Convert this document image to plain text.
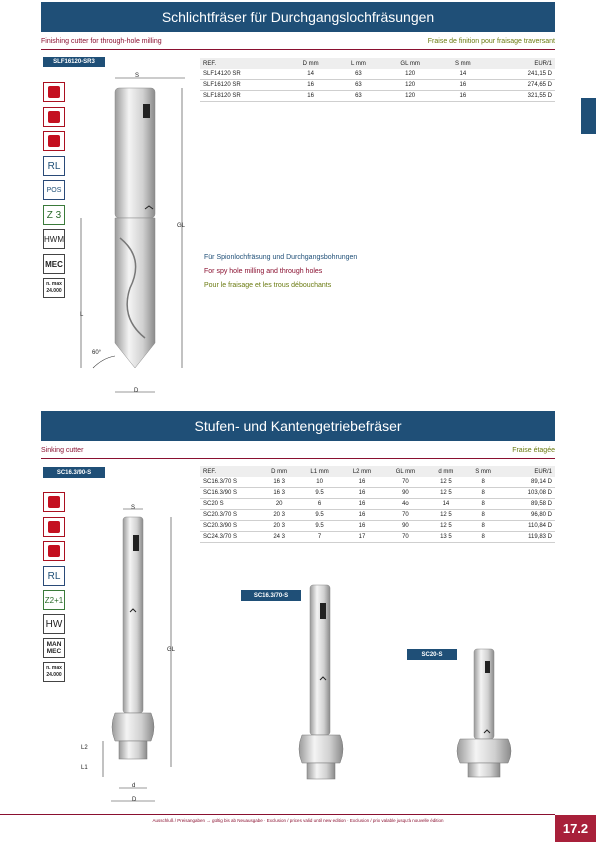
Schlichtfräser für Durchgangslochfräsungen
Finishing cutter for through-hole milling	Fraise de finition pour fraisage traversant
SLF16120-SR3
RL
POS
Z 3
HWM
MEC
n. max
24.000
S
GL
L
60°
D
REF.	D mm	L mm	GL mm	S mm	EUR/1
SLF14120 SR	14	63	120	14	241,15 D
SLF16120 SR	16	63	120	16	274,65 D
SLF18120 SR	16	63	120	16	321,55 D
Für Spionlochfräsung und Durchgangsbohrungen
For spy hole milling and through holes
Pour le fraisage et les trous débouchants
Stufen- und Kantengetriebefräser
Sinking cutter	Fraise étagée
SC16.3/90-S
RL
Z2+1
HW
MAN MEC
n. max
24.000
S
GL
L2
L1
d
D
REF.	D mm	L1 mm	L2 mm	GL mm	d mm	S mm	EUR/1
SC16.3/70 S	16 3	10	16	70	12 5	8	89,14 D
SC16.3/90 S	16 3	9.5	16	90	12 5	8	103,08 D
SC20 S	20	6	16	4o	14	8	89,58 D
SC20.3/70 S	20 3	9.5	16	70	12 5	8	96,80 D
SC20.3/90 S	20 3	9.5	16	90	12 5	8	110,84 D
SC24.3/70 S	24 3	7	17	70	13 5	8	119,83 D
SC16.3/70-S
SC20-S
Ausschluß / Preisangaben → gültig bis ab Neuausgabe · Exclusion / prices valid until new edition · Exclusion / prix valable jusqu'à nouvelle édition
17.2
